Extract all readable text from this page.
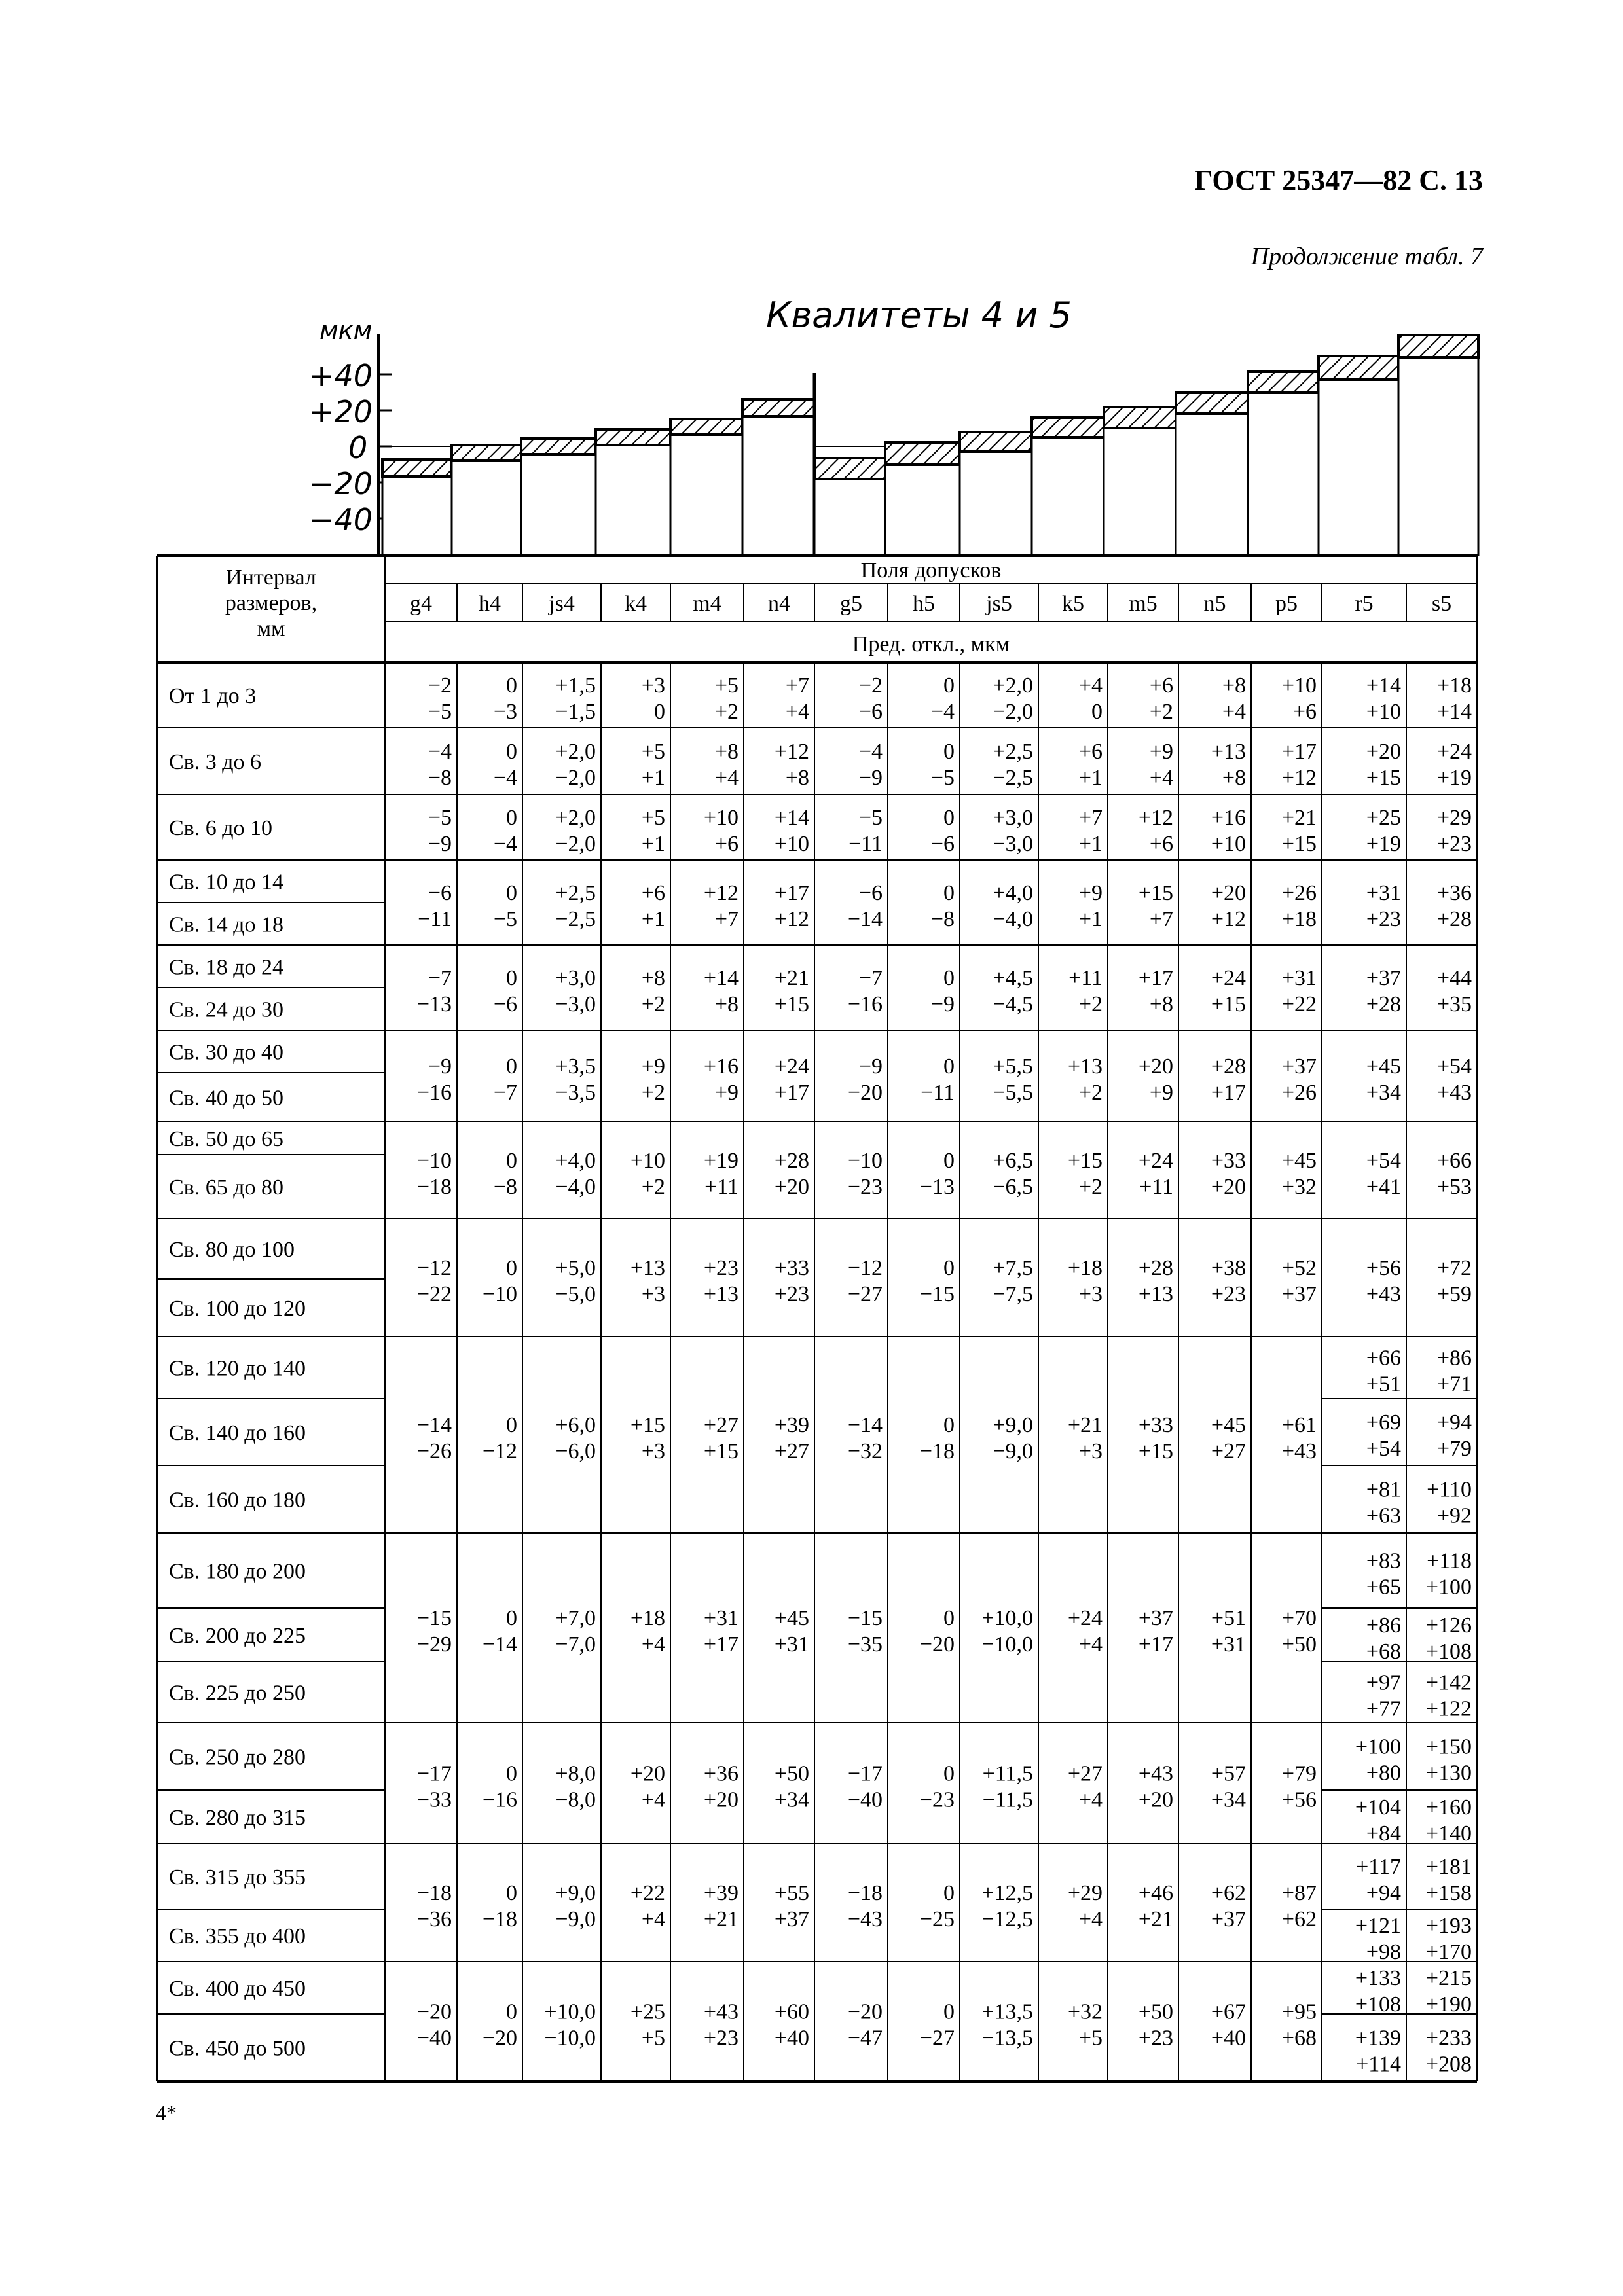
ГОСТ 25347—82 С. 13
Продолжение табл. 7
Квалитеты 4 и 5
мкм
+40
+20
0
−20
−40
Интервал
размеров,
мм
Поля допусков
g4 h4 js4 k4 m4 n4 g5 h5 js5 k5 m5 n5 p5	r5	s5
Пред. откл., мкм
От 1 до 3
Св. 3 до 6
Св. 6 до 10
Св. 10 до 14
Св. 14 до 18
Св. 18 до 24
Св. 24 до 30
Св. 30 до 40
Св. 40 до 50
Св. 50 до 65
Св. 65 до 80
Св. 80 до 100
Св. 100 до 120
Св. 120 до 140
Св. 140 до 160
Св. 160 до 180
Св. 180 до 200
Св. 200 до 225
Св. 225 до 250
Св. 250 до 280
Св. 280 до 315
Св. 315 до 355
Св. 355 до 400
Св. 400 до 450
Св. 450 до 500
−2
−5
0
−3
+1,5
−1,5
+3
0
+5
+2
+7
+4
−2
−6
0
−4
+2,0
−2,0
+4
0
+6
+2
+8
+4
+10
+6
−4
−8
0
−4
+2,0
−2,0
+5
+1
+8
+4
+12
+8
−4
−9
0
−5
+2,5
−2,5
+6
+1
+9
+4
+13
+8
+17
+12
−5
−9
0
−4
+2,0
−2,0
+5
+1
+10
+6
+14
+10
−5
−11
0
−6
+3,0
−3,0
+7
+1
+12
+6
+16
+10
+21
+15
−6
−11
0
−5
+2,5
−2,5
+6
+1
+12
+7
+17
+12
−6
−14
0
−8
+4,0
−4,0
+9
+1
+15
+7
+20
+12
+26
+18
−7
−13
0
−6
+3,0
−3,0
+8
+2
+14
+8
+21
+15
−7
−16
0
−9
+4,5
−4,5
+11
+2
+17
+8
+24
+15
+31
+22
−9
−16
0
−7
+3,5
−3,5
+9
+2
+16
+9
+24
+17
−9
−20
0
−11
+5,5
−5,5
+13
+2
+20
+9
+28
+17
+37
+26
−10
−18
0
−8
+4,0
−4,0
+10
+2
+19
+11
+28
+20
−10
−23
0
−13
+6,5
−6,5
+15
+2
+24
+11
+33
+20
+45
+32
−12
−22
0
−10
+5,0
−5,0
+13
+3
+23
+13
+33
+23
−12
−27
0
−15
+7,5
−7,5
+18
+3
+28
+13
+38
+23
+52
+37
−14
−26
0
−12
+6,0
−6,0
+15
+3
+27
+15
+39
+27
−14
−32
0
−18
+9,0
−9,0
+21
+3
+33
+15
+45
+27
+61
+43
−15
−29
0
−14
+7,0
−7,0
+18
+4
+31
+17
+45
+31
−15
−35
0
−20
+10,0
−10,0
+24
+4
+37
+17
+51
+31
+70
+50
−17
−33
0
−16
+8,0
−8,0
+20
+4
+36
+20
+50
+34
−17
−40
0
−23
+11,5
−11,5
+27
+4
+43
+20
+57
+34
+79
+56
−18
−36
0
−18
+9,0
−9,0
+22
+4
+39
+21
+55
+37
−18
−43
0
−25
+12,5
−12,5
+29
+4
+46
+21
+62
+37
+87
+62
−20
−40
0
−20
+10,0
−10,0
+25
+5
+43
+23
+60
+40
−20
−47
0
−27
+13,5
−13,5
+32
+5
+50
+23
+67
+40
+95
+68
+14
+10
+18
+14
+20
+15
+24
+19
+25
+19
+29
+23
+31
+23
+36
+28
+37
+28
+44
+35
+45
+34
+54
+43
+54
+41
+66
+53
+56
+43
+72
+59
+66
+51
+86
+71
+69
+54
+94
+79
+81
+63
+110
+92
+83
+65
+118
+100
+86
+68
+126
+108
+97
+77
+142
+122
+100
+80
+150
+130
+104
+84
+160
+140
+117
+94
+181
+158
+121
+98
+193
+170
+133
+108
+215
+190
+139
+114
+233
+208
4*
